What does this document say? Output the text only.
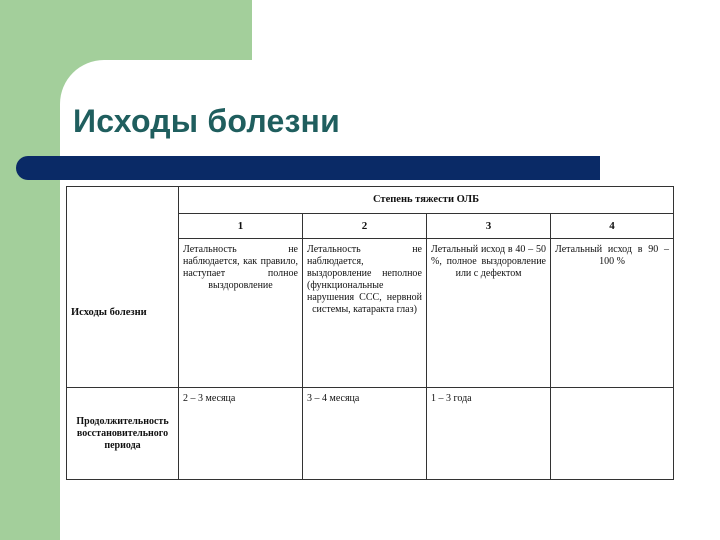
Исходы болезни
	Степень тяжести ОЛБ			
	1	2	3	4
Исходы болезни	Летальность не наблюдается, как правило, наступает полное выздоровление	Летальность не наблюдается, выздоровление неполное (функциональные нарушения ССС, нервной системы, катаракта глаз)	Летальный исход в 40 – 50 %, полное выздоровление или с дефектом	Летальный исход в 90 – 100 %
Продолжительность восстановительного периода	2 – 3 месяца	3 – 4 месяца	1 – 3 года	
